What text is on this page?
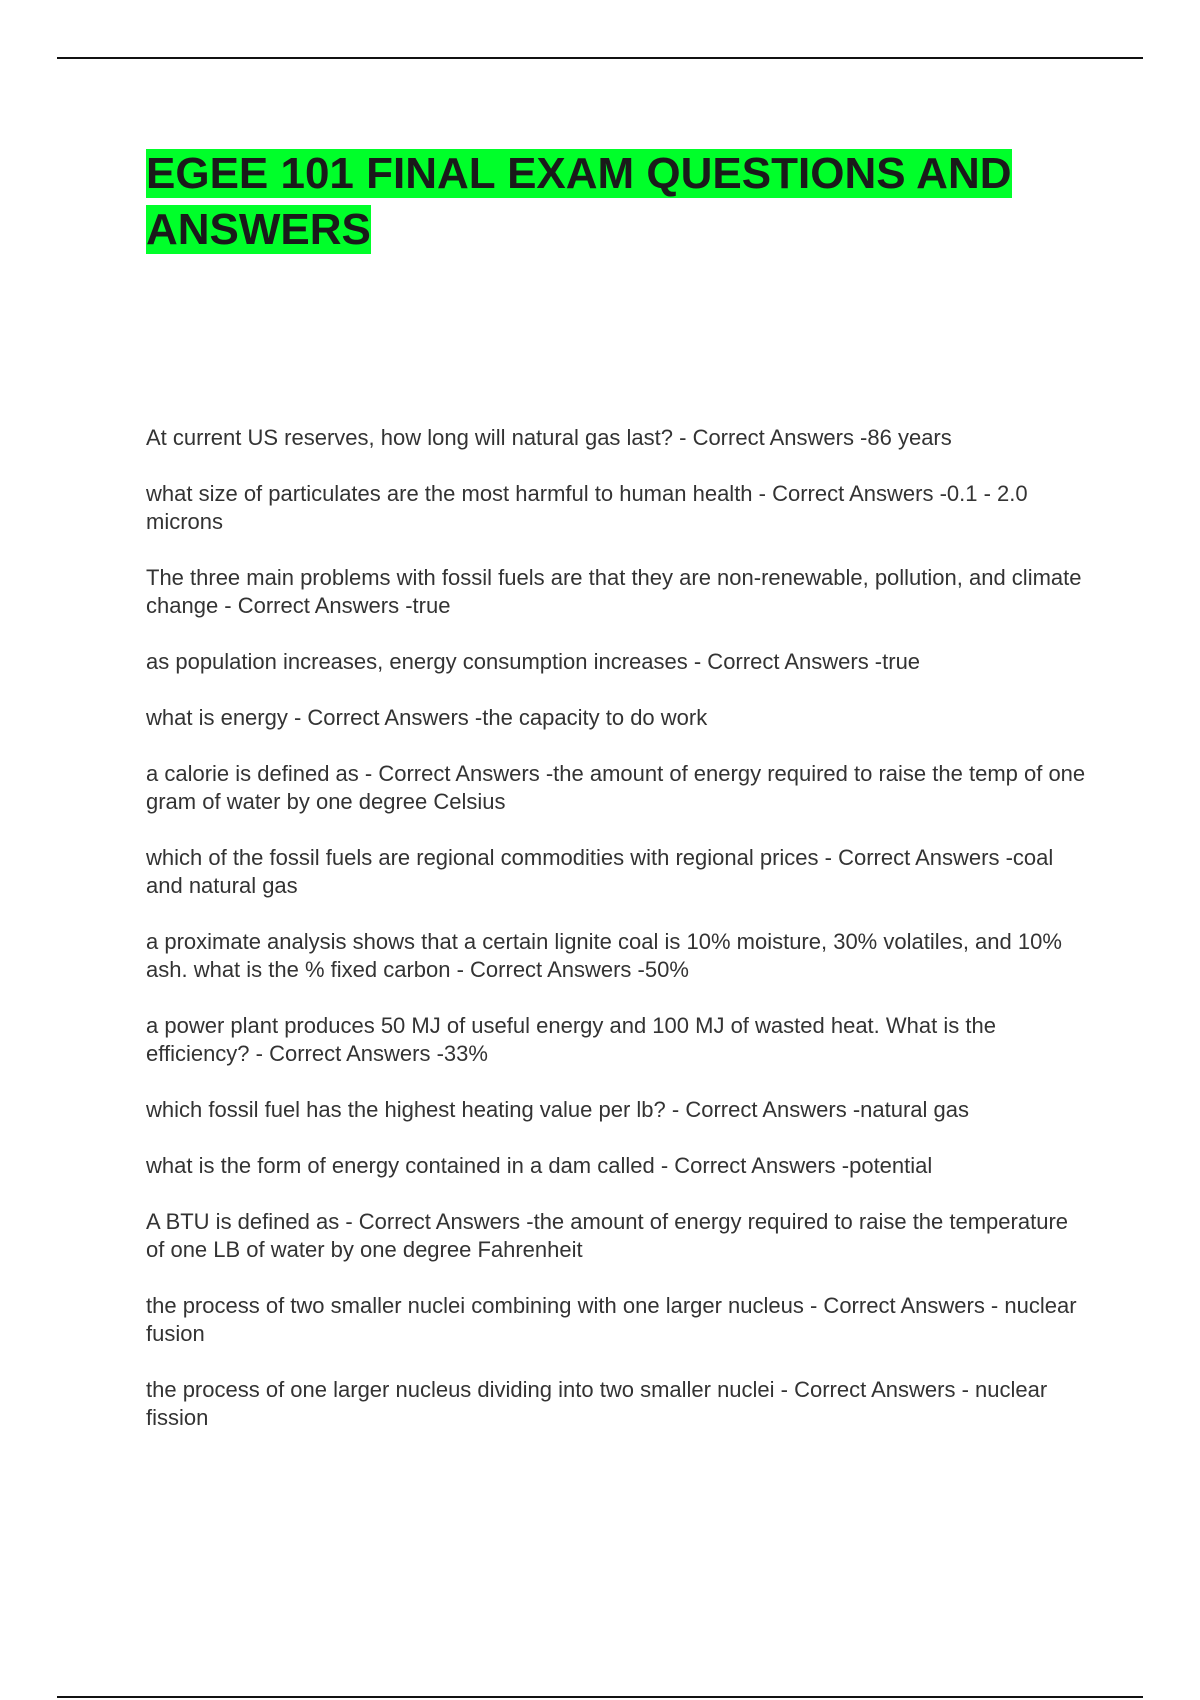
EGEE 101 FINAL EXAM QUESTIONS AND ANSWERS
At current US reserves, how long will natural gas last? - Correct Answers -86 years
what size of particulates are the most harmful to human health - Correct Answers -0.1 - 2.0 microns
The three main problems with fossil fuels are that they are non-renewable, pollution, and climate change - Correct Answers -true
as population increases, energy consumption increases - Correct Answers -true
what is energy - Correct Answers -the capacity to do work
a calorie is defined as - Correct Answers -the amount of energy required to raise the temp of one gram of water by one degree Celsius
which of the fossil fuels are regional commodities with regional prices - Correct Answers -coal and natural gas
a proximate analysis shows that a certain lignite coal is 10% moisture, 30% volatiles, and 10% ash. what is the % fixed carbon - Correct Answers -50%
a power plant produces 50 MJ of useful energy and 100 MJ of wasted heat. What is the efficiency? - Correct Answers -33%
which fossil fuel has the highest heating value per lb? - Correct Answers -natural gas
what is the form of energy contained in a dam called - Correct Answers -potential
A BTU is defined as - Correct Answers -the amount of energy required to raise the temperature of one LB of water by one degree Fahrenheit
the process of two smaller nuclei combining with one larger nucleus - Correct Answers - nuclear fusion
the process of one larger nucleus dividing into two smaller nuclei - Correct Answers - nuclear fission
